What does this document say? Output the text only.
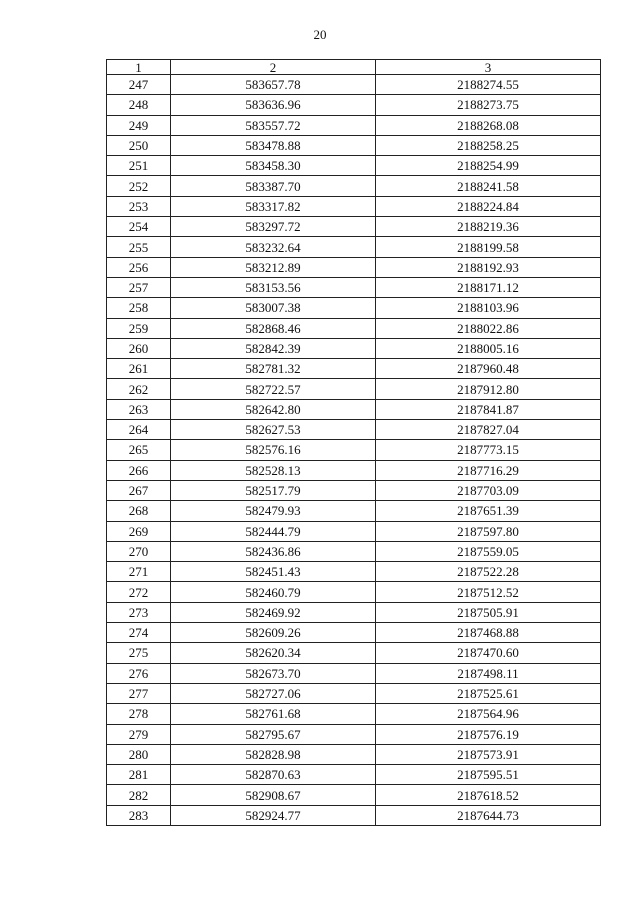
20
1	2	3
247	583657.78	2188274.55
248	583636.96	2188273.75
249	583557.72	2188268.08
250	583478.88	2188258.25
251	583458.30	2188254.99
252	583387.70	2188241.58
253	583317.82	2188224.84
254	583297.72	2188219.36
255	583232.64	2188199.58
256	583212.89	2188192.93
257	583153.56	2188171.12
258	583007.38	2188103.96
259	582868.46	2188022.86
260	582842.39	2188005.16
261	582781.32	2187960.48
262	582722.57	2187912.80
263	582642.80	2187841.87
264	582627.53	2187827.04
265	582576.16	2187773.15
266	582528.13	2187716.29
267	582517.79	2187703.09
268	582479.93	2187651.39
269	582444.79	2187597.80
270	582436.86	2187559.05
271	582451.43	2187522.28
272	582460.79	2187512.52
273	582469.92	2187505.91
274	582609.26	2187468.88
275	582620.34	2187470.60
276	582673.70	2187498.11
277	582727.06	2187525.61
278	582761.68	2187564.96
279	582795.67	2187576.19
280	582828.98	2187573.91
281	582870.63	2187595.51
282	582908.67	2187618.52
283	582924.77	2187644.73
